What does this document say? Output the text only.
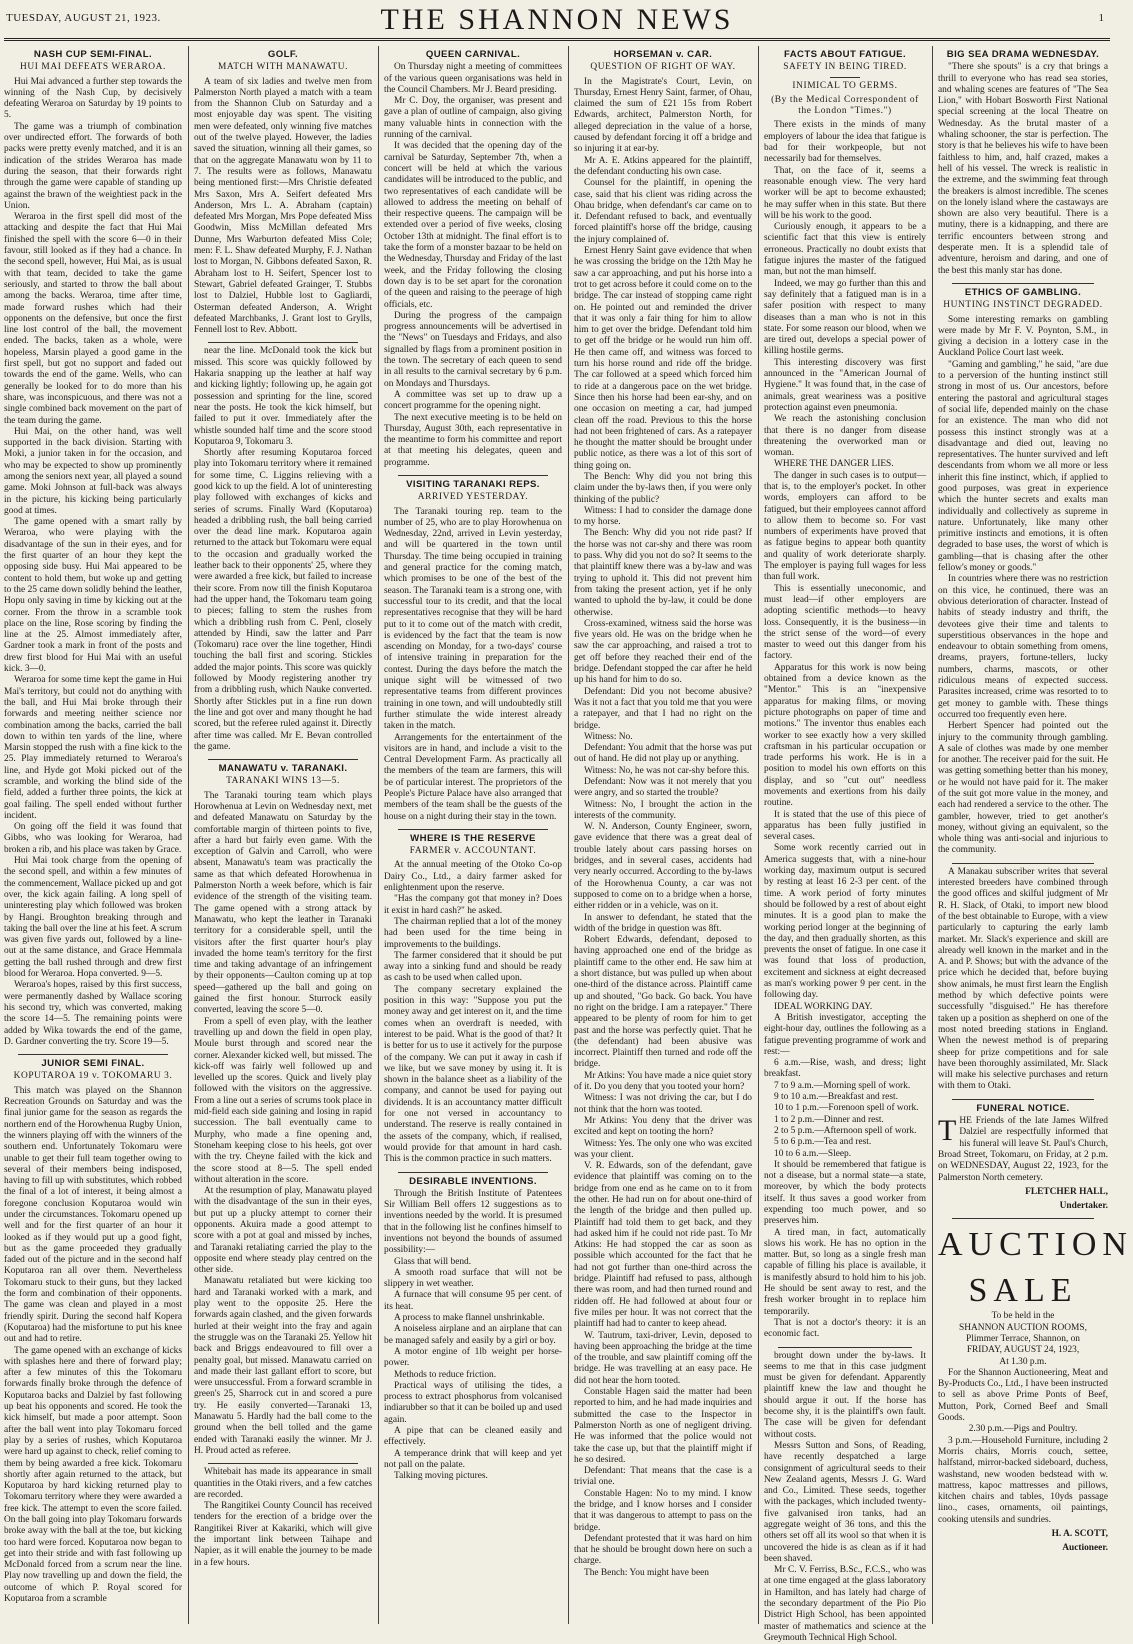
TUESDAY, AUGUST 21, 1923.	THE SHANNON NEWS	1
NASH CUP SEMI-FINAL.
HUI MAI DEFEATS WERAROA.

Hui Mai advanced a further step towards the winning of the Nash Cup, by decisively defeating Weraroa on Saturday by 19 points to 5.

The game was a triumph of combination over undirected effort. The forwards of both packs were pretty evenly matched, and it is an indication of the strides Weraroa has made during the season, that their forwards right through the game were capable of standing up against the brawn of the weightiest pack in the Union.

Weraroa in the first spell did most of the attacking and despite the fact that Hui Mai finished the spell with the score 6—0 in their favour, still looked as if they had a chance. In the second spell, however, Hui Mai, as is usual with that team, decided to take the game seriously, and started to throw the ball about among the backs. Weraroa, time after time, made forward rushes which had their opponents on the defensive, but once the first line lost control of the ball, the movement ended. The backs, taken as a whole, were hopeless, Marsin played a good game in the first spell, but got no support and faded out towards the end of the game. Wells, who can generally be looked for to do more than his share, was inconspicuous, and there was not a single combined back movement on the part of the team during the game.

Hui Mai, on the other hand, was well supported in the back division. Starting with Moki, a junior taken in for the occasion, and who may be expected to show up prominently among the seniors next year, all played a sound game. Moki Johnson at full-back was always in the picture, his kicking being particularly good at times.

The game opened with a smart rally by Weraroa, who were playing with the disadvantage of the sun in their eyes, and for the first quarter of an hour they kept the opposing side busy. Hui Mai appeared to be content to hold them, but woke up and getting to the 25 came down solidly behind the leather, Hopu only saving in time by kicking out at the corner. From the throw in a scramble took place on the line, Rose scoring by finding the line at the 25. Almost immediately after, Gardner took a mark in front of the posts and drew first blood for Hui Mai with an useful kick. 3—0.

Weraroa for some time kept the game in Hui Mai's territory, but could not do anything with the ball, and Hui Mai broke through their forwards and meeting neither science nor combination among the backs, carried the ball down to within ten yards of the line, where Marsin stopped the rush with a fine kick to the 25. Play immediately returned to Weraroa's line, and Hyde got Moki picked out of the scramble, and working the blind side of the field, added a further three points, the kick at goal failing. The spell ended without further incident.

On going off the field it was found that Gibbs, who was looking for Weraroa, had broken a rib, and his place was taken by Grace.

Hui Mai took charge from the opening of the second spell, and within a few minutes of the commencement, Wallace picked up and got over, the kick again failing. A long spell of uninteresting play which followed was broken by Hangi. Broughton breaking through and taking the ball over the line at his feet. A scrum was given five yards out, followed by a line-out at the same distance, and Grace Hemmala getting the ball rushed through and drew first blood for Weraroa. Hopa converted. 9—5.

Weraroa's hopes, raised by this first success, were permanently dashed by Wallace scoring his second try, which was converted, making the score 14—5. The remaining points were added by Wika towards the end of the game, D. Gardner converting the try. Score 19—5.

JUNIOR SEMI FINAL.
KOPUTAROA 19 v. TOKOMARU 3.

This match was played on the Shannon Recreation Grounds on Saturday and was the final junior game for the season as regards the northern end of the Horowhenua Rugby Union, the winners playing off with the winners of the southern end. Unfortunately Tokomaru were unable to get their full team together owing to several of their members being indisposed, having to fill up with substitutes, which robbed the final of a lot of interest, it being almost a foregone conclusion Koputaroa would win under the circumstances. Tokomaru opened up well and for the first quarter of an hour it looked as if they would put up a good fight, but as the game proceeded they gradually faded out of the picture and in the second half Koputaroa ran all over them. Nevertheless Tokomaru stuck to their guns, but they lacked the form and combination of their opponents. The game was clean and played in a most friendly spirit. During the second half Kopera (Koputaroa) had the misfortune to put his knee out and had to retire.

The game opened with an exchange of kicks with splashes here and there of forward play; after a few minutes of this the Tokomaru forwards finally broke through the defence of Koputaroa backs and Dalziel by fast following up beat his opponents and scored. He took the kick himself, but made a poor attempt. Soon after the ball went into play Tokomaru forced play by a series of rushes, which Koputaroa were hard up against to check, relief coming to them by being awarded a free kick. Tokomaru shortly after again returned to the attack, but Koputaroa by hard kicking returned play to Tokomaru territory where they were awarded a free kick. The attempt to even the score failed. On the ball going into play Tokomaru forwards broke away with the ball at the toe, but kicking too hard were forced. Koputaroa now began to get into their stride and with fast following up McDonald forced from a scrum near the line. Play now travelling up and down the field, the outcome of which P. Royal scored for Koputaroa from a scramble

GOLF.
MATCH WITH MANAWATU.

A team of six ladies and twelve men from Palmerston North played a match with a team from the Shannon Club on Saturday and a most enjoyable day was spent. The visiting men were defeated, only winning five matches out of the twelve played. However, the ladies saved the situation, winning all their games, so that on the aggregate Manawatu won by 11 to 7. The results were as follows, Manawatu being mentioned first:—Mrs Christie defeated Mrs Saxon, Mrs A. Seifert defeated Mrs Anderson, Mrs L. A. Abraham (captain) defeated Mrs Morgan, Mrs Pope defeated Miss Goodwin, Miss McMillan defeated Mrs Dunne, Mrs Warburton defeated Miss Cole; men: F. L. Shaw defeated Murphy, F. J. Nathan lost to Morgan, N. Gibbons defeated Saxon, R. Abraham lost to H. Seifert, Spencer lost to Stewart, Gabriel defeated Grainger, T. Stubbs lost to Dalziel, Hubble lost to Gagliardi, Osterman defeated Anderson, A. Wright defeated Marchbanks, J. Grant lost to Grylls, Fennell lost to Rev. Abbott.

near the line. McDonald took the kick but missed. This score was quickly followed by Hakaria snapping up the leather at half way and kicking lightly; following up, he again got possession and sprinting for the line, scored near the posts. He took the kick himself, but failed to put it over. Immediately after the whistle sounded half time and the score stood Koputaroa 9, Tokomaru 3.

Shortly after resuming Koputaroa forced play into Tokomaru territory where it remained for some time, C. Liggins relieving with a good kick to up the field. A lot of uninteresting play followed with exchanges of kicks and series of scrums. Finally Ward (Koputaroa) headed a dribbling rush, the ball being carried over the dead line mark. Koputaroa again returned to the attack but Tokomaru were equal to the occasion and gradually worked the leather back to their opponents' 25, where they were awarded a free kick, but failed to increase their score. From now till the finish Koputaroa had the upper hand, the Tokomaru team going to pieces; falling to stem the rushes from which a dribbling rush from C. Penl, closely attended by Hindi, saw the latter and Parr (Tokomaru) race over the line together, Hindi touching the ball first and scoring. Stickles added the major points. This score was quickly followed by Moody registering another try from a dribbling rush, which Nauke converted. Shortly after Stickles put in a fine run down the line and got over and many thought he had scored, but the referee ruled against it. Directly after time was called. Mr E. Bevan controlled the game.

MANAWATU v. TARANAKI.
TARANAKI WINS 13—5.

The Taranaki touring team which plays Horowhenua at Levin on Wednesday next, met and defeated Manawatu on Saturday by the comfortable margin of thirteen points to five, after a hard but fairly even game. With the exception of Galvin and Carroll, who were absent, Manawatu's team was practically the same as that which defeated Horowhenua in Palmerston North a week before, which is fair evidence of the strength of the visiting team. The game opened with a strong attack by Manawatu, who kept the leather in Taranaki territory for a considerable spell, until the visitors after the first quarter hour's play invaded the home team's territory for the first time and taking advantage of an infringement by their opponents—Caulton coming up at top speed—gathered up the ball and going on gained the first honour. Sturrock easily converted, leaving the score 5—0.

From a spell of even play, with the leather travelling up and down the field in open play, Moule burst through and scored near the corner. Alexander kicked well, but missed. The kick-off was fairly well followed up and levelled up the scores. Quick and lively play followed with the visitors on the aggressive. From a line out a series of scrums took place in mid-field each side gaining and losing in rapid succession. The ball eventually came to Murphy, who made a fine opening and, Stoneham keeping close to his heels, got over with the try. Cheyne failed with the kick and the score stood at 8—5. The spell ended without alteration in the score.

At the resumption of play, Manawatu played with the disadvantage of the sun in their eyes, but put up a plucky attempt to corner their opponents. Akuira made a good attempt to score with a pot at goal and missed by inches, and Taranaki retaliating carried the play to the opposite end where steady play centred on the other side.

Manawatu retaliated but were kicking too hard and Taranaki worked with a mark, and play went to the opposite 25. Here the forwards again clashed, and the given forwards hurled at their weight into the fray and again the struggle was on the Taranaki 25. Yellow hit back and Briggs endeavoured to fill over a penalty goal, but missed. Manawatu carried on and made their last gallant effort to score, but were unsuccessful. From a forward scramble in green's 25, Sharrock cut in and scored a pure try. He easily converted—Taranaki 13, Manawatu 5. Hardly had the ball come to the ground when the bell tolled and the game ended with Taranaki easily the winner. Mr J. H. Proud acted as referee.

Whitebait has made its appearance in small quantities in the Otaki rivers, and a few catches are recorded.

The Rangitikei County Council has received tenders for the erection of a bridge over the Rangitikei River at Kakariki, which will give the important link between Taihape and Napier, as it will enable the journey to be made in a few hours.

QUEEN CARNIVAL.

On Thursday night a meeting of committees of the various queen organisations was held in the Council Chambers. Mr J. Beard presiding.

Mr C. Doy, the organiser, was present and gave a plan of outline of campaign, also giving many valuable hints in connection with the running of the carnival.

It was decided that the opening day of the carnival be Saturday, September 7th, when a concert will be held at which the various candidates will be introduced to the public, and two representatives of each candidate will be allowed to address the meeting on behalf of their respective queens. The campaign will be extended over a period of five weeks, closing October 13th at midnight. The final effort is to take the form of a monster bazaar to be held on the Wednesday, Thursday and Friday of the last week, and the Friday following the closing down day is to be set apart for the coronation of the queen and raising to the peerage of high officials, etc.

During the progress of the campaign progress announcements will be advertised in the "News" on Tuesdays and Fridays, and also signalled by flags from a prominent position in the town. The secretary of each queen to send in all results to the carnival secretary by 6 p.m. on Mondays and Thursdays.

A committee was set up to draw up a concert programme for the opening night.

The next executive meeting is to be held on Thursday, August 30th, each representative in the meantime to form his committee and report at that meeting his delegates, queen and programme.

VISITING TARANAKI REPS.
ARRIVED YESTERDAY.

The Taranaki touring rep. team to the number of 25, who are to play Horowhenua on Wednesday, 22nd, arrived in Levin yesterday, and will be quartered in the town until Thursday. The time being occupied in training and general practice for the coming match, which promises to be one of the best of the season. The Taranaki team is a strong one, with successful tour to its credit, and that the local representatives recognise that they will be hard put to it to come out of the match with credit, is evidenced by the fact that the team is now ascending on Monday, for a two-days' course of intensive training in preparation for the contest. During the days before the match the unique sight will be witnessed of two representative teams from different provinces training in one town, and will undoubtedly still further stimulate the wide interest already taken in the match.

Arrangements for the entertainment of the visitors are in hand, and include a visit to the Central Development Farm. As practically all the members of the team are farmers, this will be of particular interest. The proprietors of the People's Picture Palace have also arranged that members of the team shall be the guests of the house on a night during their stay in the town.

WHERE IS THE RESERVE
FARMER v. ACCOUNTANT.

At the annual meeting of the Otoko Co-op Dairy Co., Ltd., a dairy farmer asked for enlightenment upon the reserve.

"Has the company got that money in? Does it exist in hard cash?" he asked.

The chairman replied that a lot of the money had been used for the time being in improvements to the buildings.

The farmer considered that it should be put away into a sinking fund and should be ready as cash to be used when called upon.

The company secretary explained the position in this way: "Suppose you put the money away and get interest on it, and the time comes when an overdraft is needed, with interest to be paid. What is the good of that? It is better for us to use it actively for the purpose of the company. We can put it away in cash if we like, but we save money by using it. It is shown in the balance sheet as a liability of the company, and cannot be used for paying out dividends. It is an accountancy matter difficult for one not versed in accountancy to understand. The reserve is really contained in the assets of the company, which, if realised, would provide for that amount in hard cash. This is the common practice in such matters.

DESIRABLE INVENTIONS.

Through the British Institute of Patentees Sir William Bell offers 12 suggestions as to inventions needed by the world. It is presumed that in the following list he confines himself to inventions not beyond the bounds of assumed possibility:—

Glass that will bend.

A smooth road surface that will not be slippery in wet weather.

A furnace that will consume 95 per cent. of its heat.

A process to make flannel unshrinkable.

A noiseless airplane and an airplane that can be managed safely and easily by a girl or boy.

A motor engine of 1lb weight per horse-power.

Methods to reduce friction.

Practical ways of utilising the tides, a process to extract phosphorus from volcanised indiarubber so that it can be boiled up and used again.

A pipe that can be cleaned easily and effectively.

A temperance drink that will keep and yet not pall on the palate.

Talking moving pictures.

HORSEMAN v. CAR.
QUESTION OF RIGHT OF WAY.

In the Magistrate's Court, Levin, on Thursday, Ernest Henry Saint, farmer, of Ohau, claimed the sum of £21 15s from Robert Edwards, architect, Palmerston North, for alleged depreciation in the value of a horse, caused by defendant forcing it off a bridge and so injuring it at ear-by.

Mr A. E. Atkins appeared for the plaintiff, the defendant conducting his own case.

Counsel for the plaintiff, in opening the case, said that his client was riding across the Ohau bridge, when defendant's car came on to it. Defendant refused to back, and eventually forced plaintiff's horse off the bridge, causing the injury complained of.

Ernest Henry Saint gave evidence that when he was crossing the bridge on the 12th May he saw a car approaching, and put his horse into a trot to get across before it could come on to the bridge. The car instead of stopping came right on. He pointed out and reminded the driver that it was only a fair thing for him to allow him to get over the bridge. Defendant told him to get off the bridge or he would run him off. He then came off, and witness was forced to turn his horse round and ride off the bridge. The car followed at a speed which forced him to ride at a dangerous pace on the wet bridge. Since then his horse had been ear-shy, and on one occasion on meeting a car, had jumped clean off the road. Previous to this the horse had not been frightened of cars. As a ratepayer he thought the matter should be brought under public notice, as there was a lot of this sort of thing going on.

The Bench: Why did you not bring this claim under the by-laws then, if you were only thinking of the public?

Witness: I had to consider the damage done to my horse.

The Bench: Why did you not ride past? If the horse was not car-shy and there was room to pass. Why did you not do so? It seems to the that plaintiff knew there was a by-law and was trying to uphold it. This did not prevent him from taking the present action, yet if he only wanted to uphold the by-law, it could be done otherwise.

Cross-examined, witness said the horse was five years old. He was on the bridge when he saw the car approaching, and raised a trot to get off before they reached their end of the bridge. Defendant stopped the car after he held up his hand for him to do so.

Defendant: Did you not become abusive? Was it not a fact that you told me that you were a ratepayer, and that I had no right on the bridge.

Witness: No.

Defendant: You admit that the horse was put out of hand. He did not play up or anything.

Witness: No, he was not car-shy before this.

Defendant: Now was it not merely that you were angry, and so started the trouble?

Witness: No, I brought the action in the interests of the community.

W. N. Anderson, County Engineer, sworn, gave evidence that there was a great deal of trouble lately about cars passing horses on bridges, and in several cases, accidents had very nearly occurred. According to the by-laws of the Horowhenua County, a car was not supposed to come on to a bridge when a horse, either ridden or in a vehicle, was on it.

In answer to defendant, he stated that the width of the bridge in question was 8ft.

Robert Edwards, defendant, deposed to having approached one end of the bridge as plaintiff came to the other end. He saw him at a short distance, but was pulled up when about one-third of the distance across. Plaintiff came up and shouted, "Go back. Go back. You have no right on the bridge. I am a ratepayer." There appeared to be plenty of room for him to get past and the horse was perfectly quiet. That he (the defendant) had been abusive was incorrect. Plaintiff then turned and rode off the bridge.

Mr Atkins: You have made a nice quiet story of it. Do you deny that you tooted your horn?

Witness: I was not driving the car, but I do not think that the horn was tooted.

Mr Atkins: You deny that the driver was excited and kept on tooting the horn?

Witness: Yes. The only one who was excited was your client.

V. R. Edwards, son of the defendant, gave evidence that plaintiff was coming on to the bridge from one end as he came on to it from the other. He had run on for about one-third of the length of the bridge and then pulled up. Plaintiff had told them to get back, and they had asked him if he could not ride past. To Mr Atkins: He had stopped the car as soon as possible which accounted for the fact that he had not got further than one-third across the bridge. Plaintiff had refused to pass, although there was room, and had then turned round and ridden off. He had followed at about four or five miles per hour. It was not correct that the plaintiff had had to canter to keep ahead.

W. Tautrum, taxi-driver, Levin, deposed to having been approaching the bridge at the time of the trouble, and saw plaintiff coming off the bridge. He was travelling at an easy pace. He did not hear the horn tooted.

Constable Hagen said the matter had been reported to him, and he had made inquiries and submitted the case to the Inspector in Palmerston North as one of negligent driving. He was informed that the police would not take the case up, but that the plaintiff might if he so desired.

Defendant: That means that the case is a trivial one.

Constable Hagen: No to my mind. I know the bridge, and I know horses and I consider that it was dangerous to attempt to pass on the bridge.

Defendant protested that it was hard on him that he should be brought down here on such a charge.

The Bench: You might have been

FACTS ABOUT FATIGUE.
SAFETY IN BEING TIRED.
INIMICAL TO GERMS.
(By the Medical Correspondent of the London "Times.")

There exists in the minds of many employers of labour the idea that fatigue is bad for their workpeople, but not necessarily bad for themselves.

That, on the face of it, seems a reasonable enough view. The very hard worker will be apt to become exhausted; he may suffer when in this state. But there will be his work to the good.

Curiously enough, it appears to be a scientific fact that this view is entirely erroneous. Practically no doubt exists that fatigue injures the master of the fatigued man, but not the man himself.

Indeed, we may go further than this and say definitely that a fatigued man is in a safer position with respect to many diseases than a man who is not in this state. For some reason our blood, when we are tired out, develops a special power of killing hostile germs.

This interesting discovery was first announced in the "American Journal of Hygiene." It was found that, in the case of animals, great weariness was a positive protection against even pneumonia.

We reach the astonishing conclusion that there is no danger from disease threatening the overworked man or woman.

WHERE THE DANGER LIES.

The danger in such cases is to output—that is, to the employer's pocket. In other words, employers can afford to be fatigued, but their employees cannot afford to allow them to become so. For vast numbers of experiments have proved that as fatigue begins to appear both quantity and quality of work deteriorate sharply. The employer is paying full wages for less than full work.

This is essentially uneconomic, and must lead—if other employers are adopting scientific methods—to heavy loss. Consequently, it is the business—in the strict sense of the word—of every master to weed out this danger from his factory.

Apparatus for this work is now being obtained from a device known as the "Mentor." This is an "inexpensive apparatus for making films, or moving picture photographs on paper of time and motions." The inventor thus enables each worker to see exactly how a very skilled craftsman in his particular occupation or trade performs his work. He is in a position to model his own efforts on this display, and so "cut out" needless movements and exertions from his daily routine.

It is stated that the use of this piece of apparatus has been fully justified in several cases.

Some work recently carried out in America suggests that, with a nine-hour working day, maximum output is secured by resting at least 16 2-3 per cent. of the time. A work period of forty minutes should be followed by a rest of about eight minutes. It is a good plan to make the working period longer at the beginning of the day, and then gradually shorten, as this prevents the onset of fatigue. In one case it was found that loss of production, excitement and sickness at eight decreased as man's working power 9 per cent. in the following day.

IDEAL WORKING DAY.

A British investigator, accepting the eight-hour day, outlines the following as a fatigue preventing programme of work and rest:—

6 a.m.—Rise, wash, and dress; light breakfast.

7 to 9 a.m.—Morning spell of work.

9 to 10 a.m.—Breakfast and rest.

10 to 1 p.m.—Forenoon spell of work.

1 to 2 p.m.—Dinner and rest.

2 to 5 p.m.—Afternoon spell of work.

5 to 6 p.m.—Tea and rest.

10 to 6 a.m.—Sleep.

It should be remembered that fatigue is not a disease, but a normal state—a state, moreover, by which the body protects itself. It thus saves a good worker from expending too much power, and so preserves him.

A tired man, in fact, automatically slows his work. He has no option in the matter. But, so long as a single fresh man capable of filling his place is available, it is manifestly absurd to hold him to his job. He should be sent away to rest, and the fresh worker brought in to replace him temporarily.

That is not a doctor's theory: it is an economic fact.

brought down under the by-laws. It seems to me that in this case judgment must be given for defendant. Apparently plaintiff knew the law and thought he should argue it out. If the horse has become shy, it is the plaintiff's own fault. The case will be given for defendant without costs.

Messrs Sutton and Sons, of Reading, have recently despatched a large consignment of agricultural seeds to their New Zealand agents, Messrs J. G. Ward and Co., Limited. These seeds, together with the packages, which included twenty-five galvanised iron tanks, had an aggregate weight of 36 tons, and this the others set off all its wool so that when it is uncovered the hide is as clean as if it had been shaved.

Mr C. V. Ferriss, B.Sc., F.C.S., who was at one time engaged at the glass laboratory in Hamilton, and has lately had charge of the secondary department of the Pio Pio District High School, has been appointed master of mathematics and science at the Greymouth Technical High School.

BIG SEA DRAMA WEDNESDAY.

"There she spouts" is a cry that brings a thrill to everyone who has read sea stories, and whaling scenes are features of "The Sea Lion," with Hobart Bosworth First National special screening at the local Theatre on Wednesday. As the brutal master of a whaling schooner, the star is perfection. The story is that he believes his wife to have been faithless to him, and, half crazed, makes a hell of his vessel. The wreck is realistic in the extreme, and the swimming feat through the breakers is almost incredible. The scenes on the lonely island where the castaways are shown are also very beautiful. There is a mutiny, there is a kidnapping, and there are terrific encounters between strong and desperate men. It is a splendid tale of adventure, heroism and daring, and one of the best this manly star has done.

ETHICS OF GAMBLING.
HUNTING INSTINCT DEGRADED.

Some interesting remarks on gambling were made by Mr F. V. Poynton, S.M., in giving a decision in a lottery case in the Auckland Police Court last week.

"Gaming and gambling," he said, "are due to a perversion of the hunting instinct still strong in most of us. Our ancestors, before entering the pastoral and agricultural stages of social life, depended mainly on the chase for an existence. The man who did not possess this instinct strongly was at a disadvantage and died out, leaving no representatives. The hunter survived and left descendants from whom we all more or less inherit this fine instinct, which, if applied to good purposes, was great in experience which the hunter secrets and exalts man individually and collectively as supreme in nature. Unfortunately, like many other primitive instincts and emotions, it is often degraded to base uses, the worst of which is gambling—that is chasing after the other fellow's money or goods."

In countries where there was no restriction on this vice, he continued, there was an obvious deterioration of character. Instead of habits of steady industry and thrift, the devotees give their time and talents to superstitious observances in the hope and endeavour to obtain something from omens, dreams, prayers, fortune-tellers, lucky numbers, charms, mascots, or other ridiculous means of expected success. Parasites increased, crime was resorted to to get money to gamble with. These things occurred too frequently even here.

Herbert Spencer had pointed out the injury to the community through gambling. A sale of clothes was made by one member for another. The receiver paid for the suit. He was getting something better than his money, or he would not have paid for it. The maker of the suit got more value in the money, and each had rendered a service to the other. The gambler, however, tried to get another's money, without giving an equivalent, so the whole thing was anti-social and injurious to the community.

A Manakau subscriber writes that several interested breeders have combined through the good offices and skilful judgment of Mr R. H. Slack, of Otaki, to import new blood of the best obtainable to Europe, with a view particularly to capturing the early lamb market. Mr. Slack's experience and skill are already well known in the market and in the A. and P. Shows; but with the advance of the price which he decided that, before buying show animals, he must first learn the English method by which defective points were successfully "disguised." He has therefore taken up a position as shepherd on one of the most noted breeding stations in England. When the newest method is of preparing sheep for prize competitions and for sale have been thoroughly assimilated, Mr. Slack will make his selective purchases and return with them to Otaki.

FUNERAL NOTICE.

THE Friends of the late James Wilfred Dalziel are respectfully informed that his funeral will leave St. Paul's Church, Broad Street, Tokomaru, on Friday, at 2 p.m. on WEDNESDAY, August 22, 1923, for the Palmerston North cemetery.

FLETCHER HALL,

Undertaker.

AUCTION
SALE

To be held in the

SHANNON AUCTION ROOMS,

Plimmer Terrace, Shannon, on

FRIDAY, AUGUST 24, 1923,

At 1.30 p.m.

For the Shannon Auctioneering, Meat and By-Products Co., Ltd., I have been instructed to sell as above Prime Ponts of Beef, Mutton, Pork, Corned Beef and Small Goods.

2.30 p.m.—Pigs and Poultry.

3 p.m.—Household Furniture, including 2 Morris chairs, Morris couch, settee, halfstand, mirror-backed sideboard, duchess, washstand, new wooden bedstead with w. mattress, kapoc mattresses and pillows, kitchen chairs and tables, 10yds passage lino., cases, ornaments, oil paintings, cooking utensils and sundries.

H. A. SCOTT,

Auctioneer.
